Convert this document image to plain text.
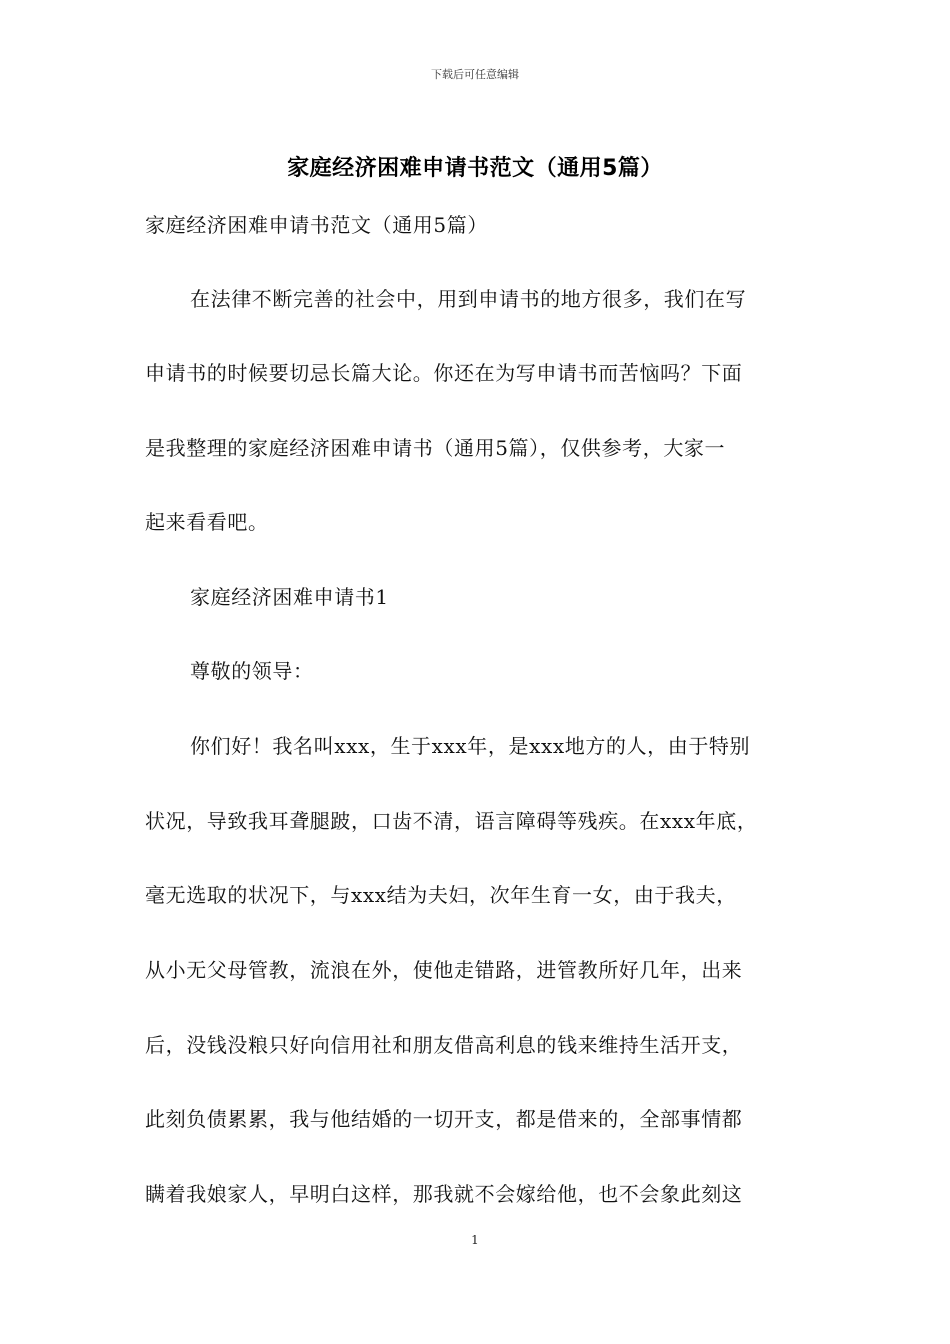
下载后可任意编辑
家庭经济困难申请书范文（通用5篇）
家庭经济困难申请书范文（通用5篇）
在法律不断完善的社会中，用到申请书的地方很多，我们在写
申请书的时候要切忌长篇大论。你还在为写申请书而苦恼吗？下面
是我整理的家庭经济困难申请书（通用5篇），仅供参考，大家一
起来看看吧。
家庭经济困难申请书1
尊敬的领导：
你们好！我名叫xxx，生于xxx年，是xxx地方的人，由于特别
状况，导致我耳聋腿跛，口齿不清，语言障碍等残疾。在xxx年底，
毫无选取的状况下，与xxx结为夫妇，次年生育一女，由于我夫，
从小无父母管教，流浪在外，使他走错路，进管教所好几年，出来
后，没钱没粮只好向信用社和朋友借高利息的钱来维持生活开支，
此刻负债累累，我与他结婚的一切开支，都是借来的，全部事情都
瞒着我娘家人，早明白这样，那我就不会嫁给他，也不会象此刻这
1
